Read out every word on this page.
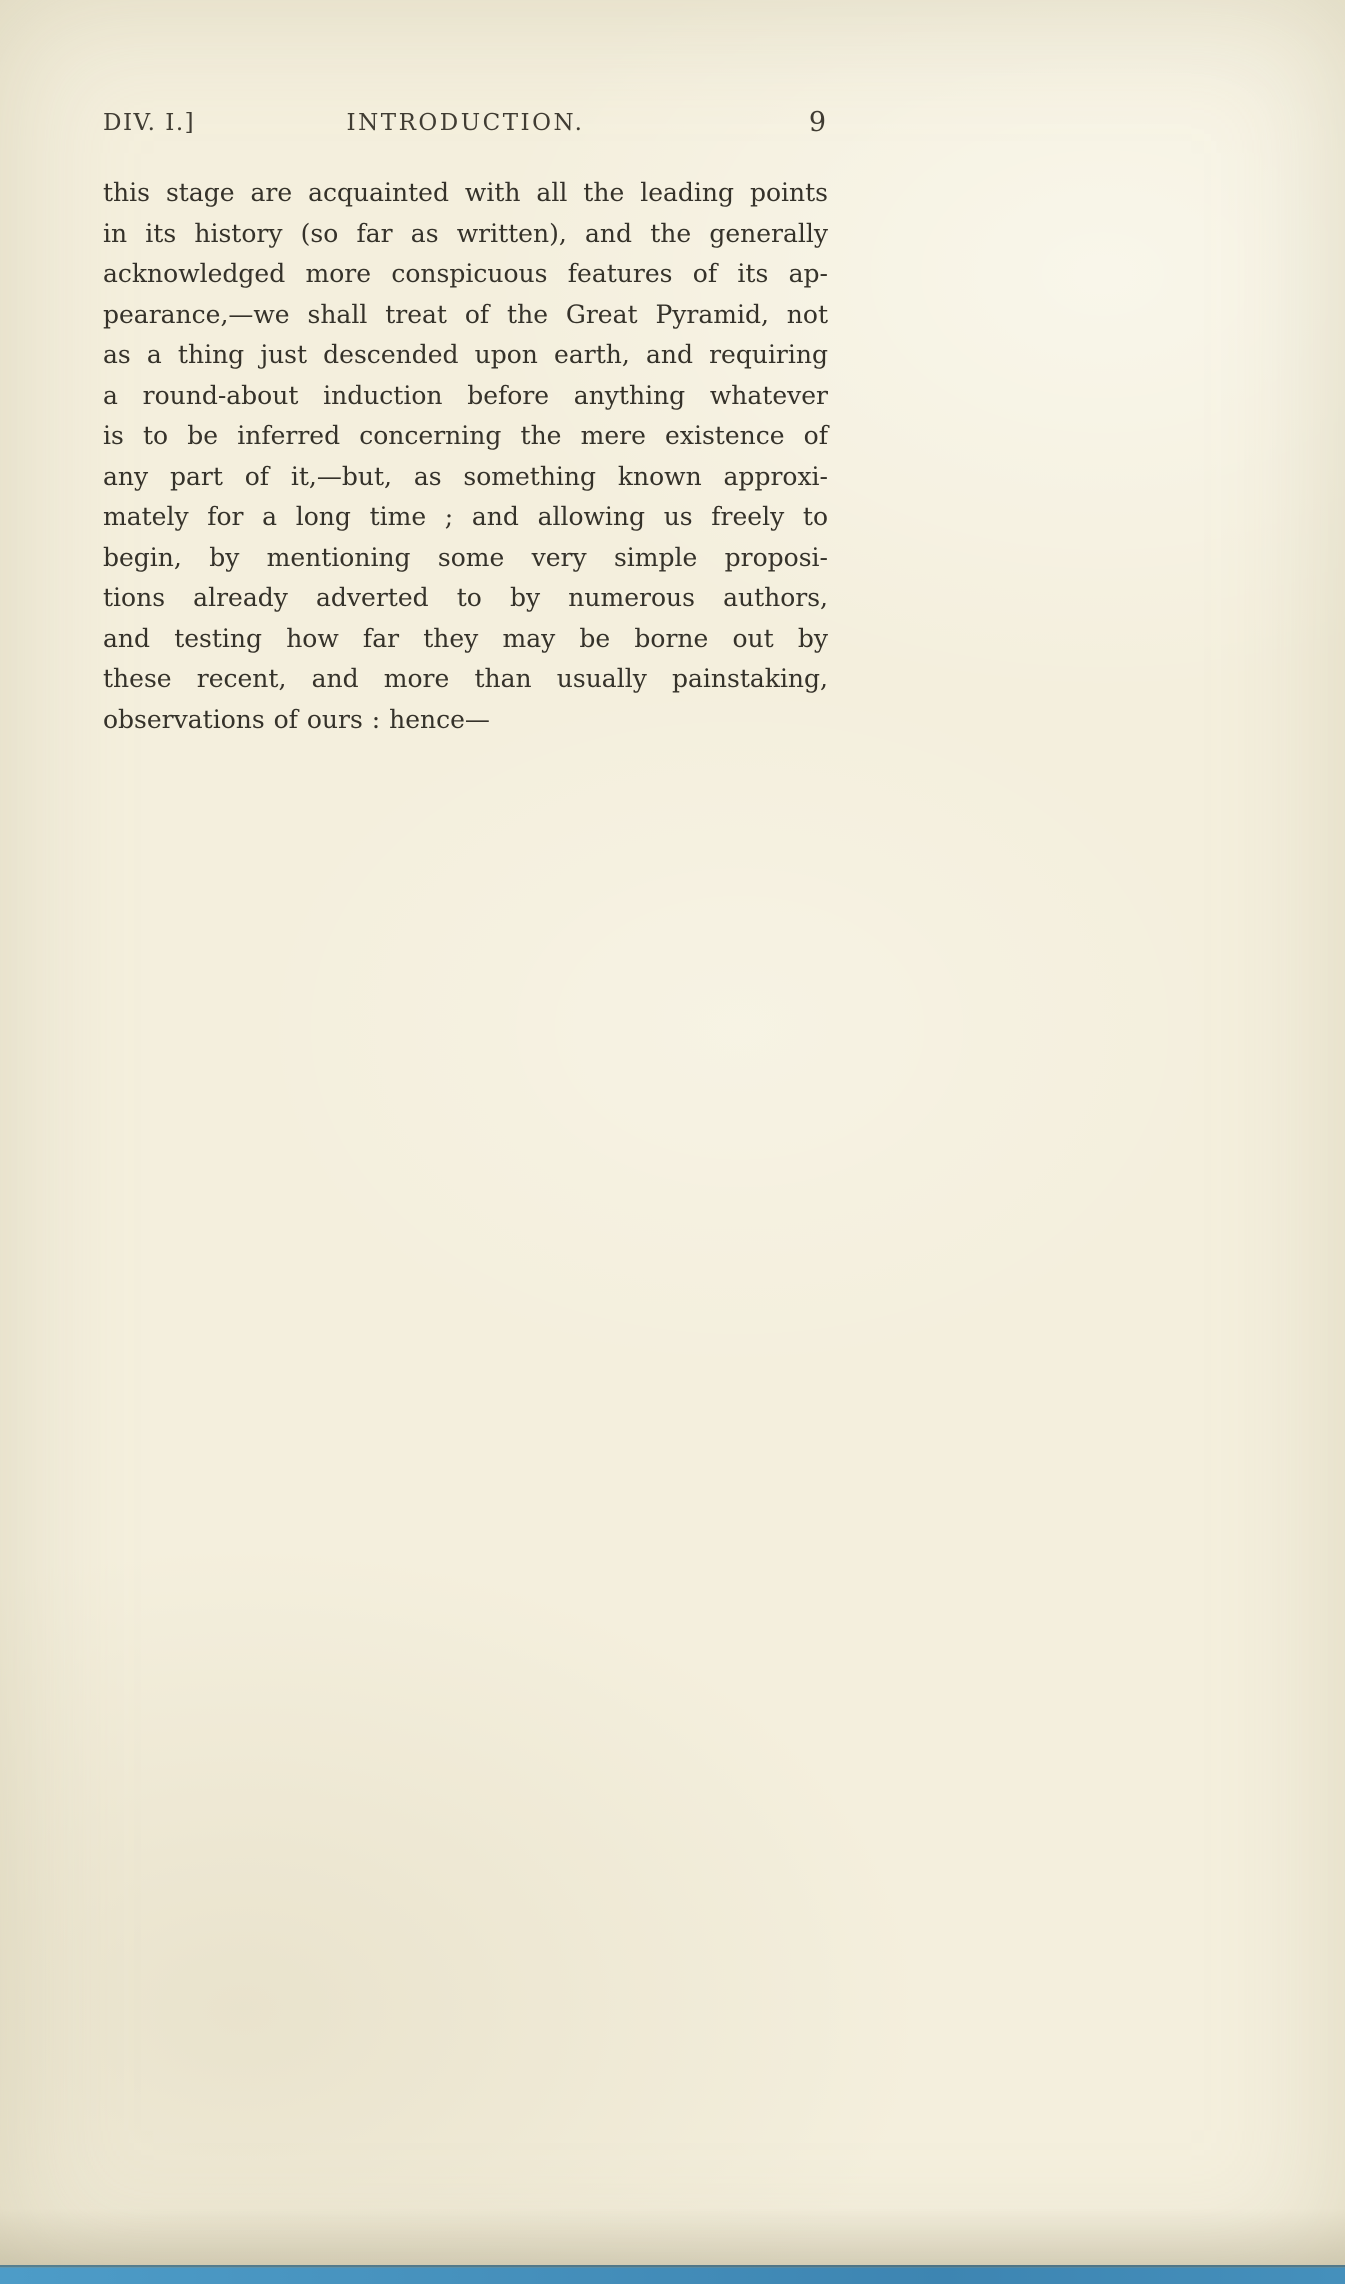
DIV. I.]	INTRODUCTION.	9
this stage are acquainted with all the leading points
in its history (so far as written), and the generally
acknowledged more conspicuous features of its ap-
pearance,—we shall treat of the Great Pyramid, not
as a thing just descended upon earth, and requiring
a round-about induction before anything whatever
is to be inferred concerning the mere existence of
any part of it,—but, as something known approxi-
mately for a long time ; and allowing us freely to
begin, by mentioning some very simple proposi-
tions already adverted to by numerous authors,
and testing how far they may be borne out by
these recent, and more than usually painstaking,
observations of ours : hence—
